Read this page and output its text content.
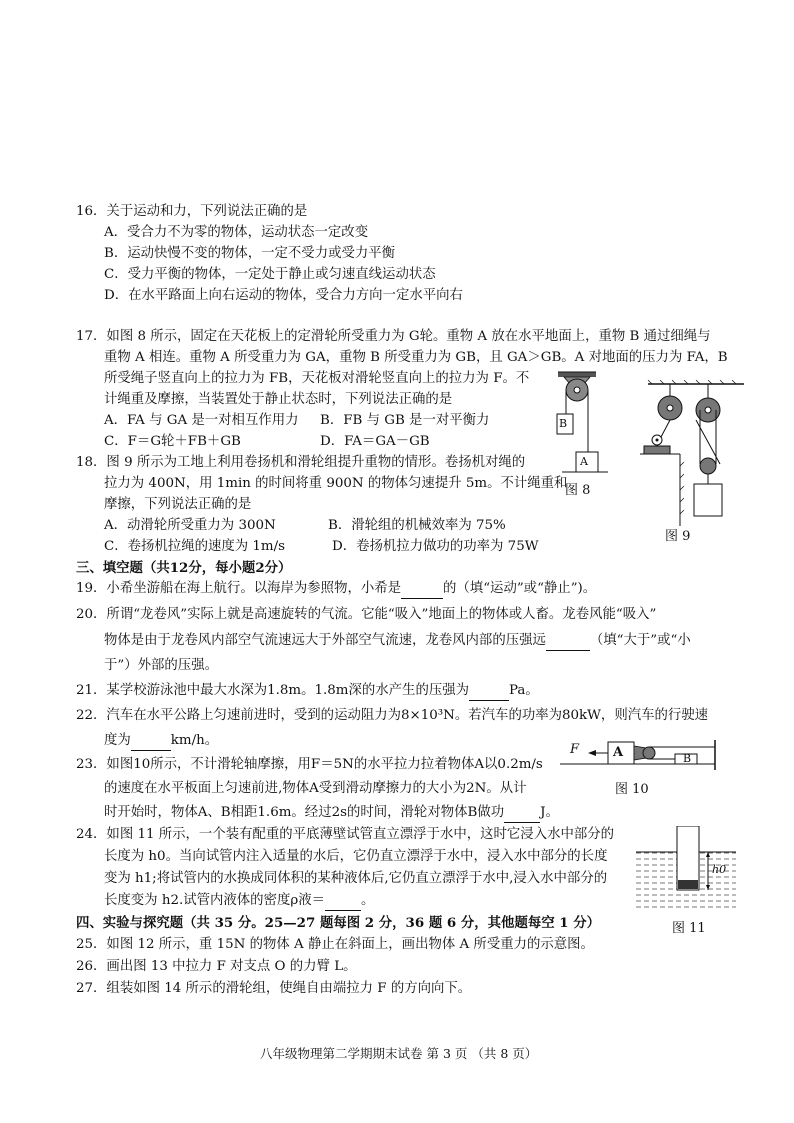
16．关于运动和力，下列说法正确的是
A．受合力不为零的物体，运动状态一定改变
B．运动快慢不变的物体，一定不受力或受力平衡
C．受力平衡的物体，一定处于静止或匀速直线运动状态
D．在水平路面上向右运动的物体，受合力方向一定水平向右
17．如图 8 所示，固定在天花板上的定滑轮所受重力为 G轮。重物 A 放在水平地面上，重物 B 通过细绳与
重物 A 相连。重物 A 所受重力为 GA，重物 B 所受重力为 GB，且 GA＞GB。A 对地面的压力为 FA，B
所受绳子竖直向上的拉力为 FB，天花板对滑轮竖直向上的拉力为 F。不
计绳重及摩擦，当装置处于静止状态时，下列说法正确的是
A．FA 与 GA 是一对相互作用力 B．FB 与 GB 是一对平衡力
C．F＝G轮＋FB＋GB	D．FA＝GA－GB
18．图 9 所示为工地上利用卷扬机和滑轮组提升重物的情形。卷扬机对绳的
拉力为 400N，用 1min 的时间将重 900N 的物体匀速提升 5m。不计绳重和
摩擦，下列说法正确的是
A．动滑轮所受重力为 300N	B．滑轮组的机械效率为 75%
C．卷扬机拉绳的速度为 1m/s	D．卷扬机拉力做功的功率为 75W
三、填空题（共12分，每小题2分）
19．小希坐游船在海上航行。以海岸为参照物，小希是	的（填“运动”或“静止”)。
20．所谓“龙卷风”实际上就是高速旋转的气流。它能“吸入”地面上的物体或人畜。龙卷风能“吸入”
物体是由于龙卷风内部空气流速远大于外部空气流速，龙卷风内部的压强远	（填“大于”或“小
于”）外部的压强。
21．某学校游泳池中最大水深为1.8m。1.8m深的水产生的压强为	Pa。
22．汽车在水平公路上匀速前进时，受到的运动阻力为8×10³N。若汽车的功率为80kW，则汽车的行驶速
度为	km/h。
23．如图10所示，不计滑轮轴摩擦，用F＝5N的水平拉力拉着物体A以0.2m/s
的速度在水平板面上匀速前进,物体A受到滑动摩擦力的大小为2N。从计
时开始时，物体A、B相距1.6m。经过2s的时间，滑轮对物体B做功	J。
24．如图 11 所示，一个装有配重的平底薄壁试管直立漂浮于水中，这时它浸入水中部分的
长度为 h0。当向试管内注入适量的水后，它仍直立漂浮于水中，浸入水中部分的长度
变为 h1;将试管内的水换成同体积的某种液体后,它仍直立漂浮于水中,浸入水中部分的
长度变为 h2.试管内液体的密度ρ液＝	。
四、实验与探究题（共 35 分。25—27 题每图 2 分，36 题 6 分，其他题每空 1 分）
25．如图 12 所示，重 15N 的物体 A 静止在斜面上，画出物体 A 所受重力的示意图。
26．画出图 13 中拉力 F 对支点 O 的力臂 L。
27．组装如图 14 所示的滑轮组，使绳自由端拉力 F 的方向向下。
B
A
图 8
图 9
F	A	B
图 10
h0
图 11
八年级物理第二学期期末试卷 第 3 页 （共 8 页）
